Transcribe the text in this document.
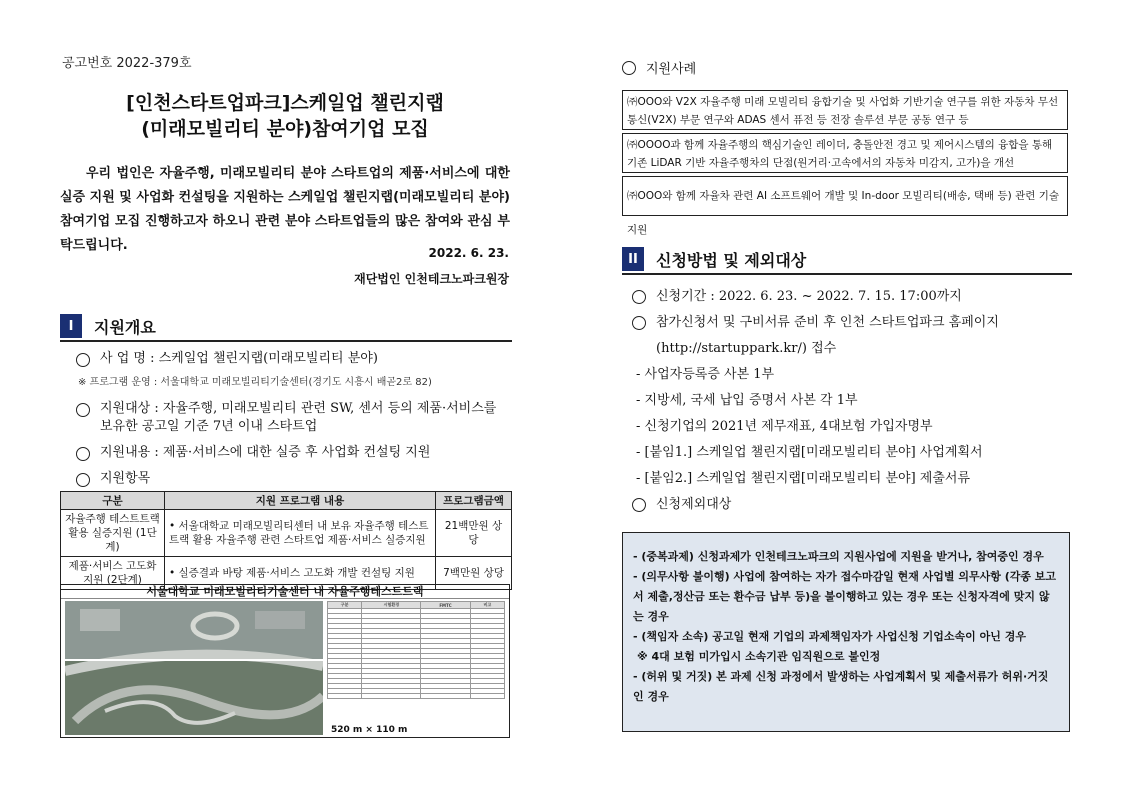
공고번호 2022-379호
[인천스타트업파크]스케일업 챌린지랩
(미래모빌리티 분야)참여기업 모집

우리 법인은 자율주행, 미래모빌리티 분야 스타트업의 제품·서비스에 대한 실증 지원 및 사업화 컨설팅을 지원하는 스케일업 챌린지랩(미래모빌리티 분야)참여기업 모집 진행하고자 하오니 관련 분야 스타트업들의 많은 참여와 관심 부탁드립니다.	2022. 6. 23.
재단법인 인천테크노파크원장
I	지원개요
사 업 명 : 스케일업 챌린지랩(미래모빌리티 분야)
※ 프로그램 운영 : 서울대학교 미래모빌리티기술센터(경기도 시흥시 배곧2로 82)
지원대상 : 자율주행, 미래모빌리티 관련 SW, 센서 등의 제품·서비스를 보유한 공고일 기준 7년 이내 스타트업
지원내용 : 제품·서비스에 대한 실증 후 사업화 컨설팅 지원
지원항목
구분	지원 프로그램 내용	프로그램금액
자율주행 테스트트랙 활용 실증지원 (1단계)	• 서울대학교 미래모빌리티센터 내 보유 자율주행 테스트 트랙 활용 자율주행 관련 스타트업 제품·서비스 실증지원	21백만원 상당
제품·서비스 고도화 지원 (2단계)	• 실증결과 바탕 제품·서비스 고도화 개발 컨설팅 지원	7백만원 상당
서울대학교 미래모빌리티기술센터 내 자율주행테스트트랙
구분	시험환경	FMTC	비고

520 m × 110 m
지원사례
㈜OOO와 V2X 자율주행 미래 모빌리티 융합기술 및 사업화 기반기술 연구를 위한 자동차 무선통신(V2X) 부문 연구와 ADAS 센서 퓨전 등 전장 솔루션 부문 공동 연구 등
㈜OOOO과 함께 자율주행의 핵심기술인 레이더, 충돌안전 경고 및 제어시스템의 융합을 통해 기존 LiDAR 기반 자율주행차의 단점(원거리·고속에서의 자동차 미감지, 고가)을 개선
㈜OOO와 함께 자율차 관련 AI 소프트웨어 개발 및 In-door 모빌리티(배송, 택배 등) 관련 기술 지원
II	신청방법 및 제외대상
신청기간 : 2022. 6. 23. ~ 2022. 7. 15. 17:00까지
참가신청서 및 구비서류 준비 후 인천 스타트업파크 홈페이지(http://startuppark.kr/) 접수
- 사업자등록증 사본 1부
- 지방세, 국세 납입 증명서 사본 각 1부
- 신청기업의 2021년 제무재표, 4대보험 가입자명부
- [붙임1.] 스케일업 챌린지랩[미래모빌리티 분야] 사업계획서
- [붙임2.] 스케일업 챌린지랩[미래모빌리티 분야] 제출서류
신청제외대상
- (중복과제) 신청과제가 인천테크노파크의 지원사업에 지원을 받거나, 참여중인 경우
- (의무사항 불이행) 사업에 참여하는 자가 접수마감일 현재 사업별 의무사항 (각종 보고서 제출,정산금 또는 환수금 납부 등)을 불이행하고 있는 경우 또는 신청자격에 맞지 않는 경우
- (책임자 소속) 공고일 현재 기업의 과제책임자가 사업신청 기업소속이 아닌 경우
※ 4대 보험 미가입시 소속기관 임직원으로 불인정
- (허위 및 거짓) 본 과제 신청 과정에서 발생하는 사업계획서 및 제출서류가 허위·거짓인 경우
